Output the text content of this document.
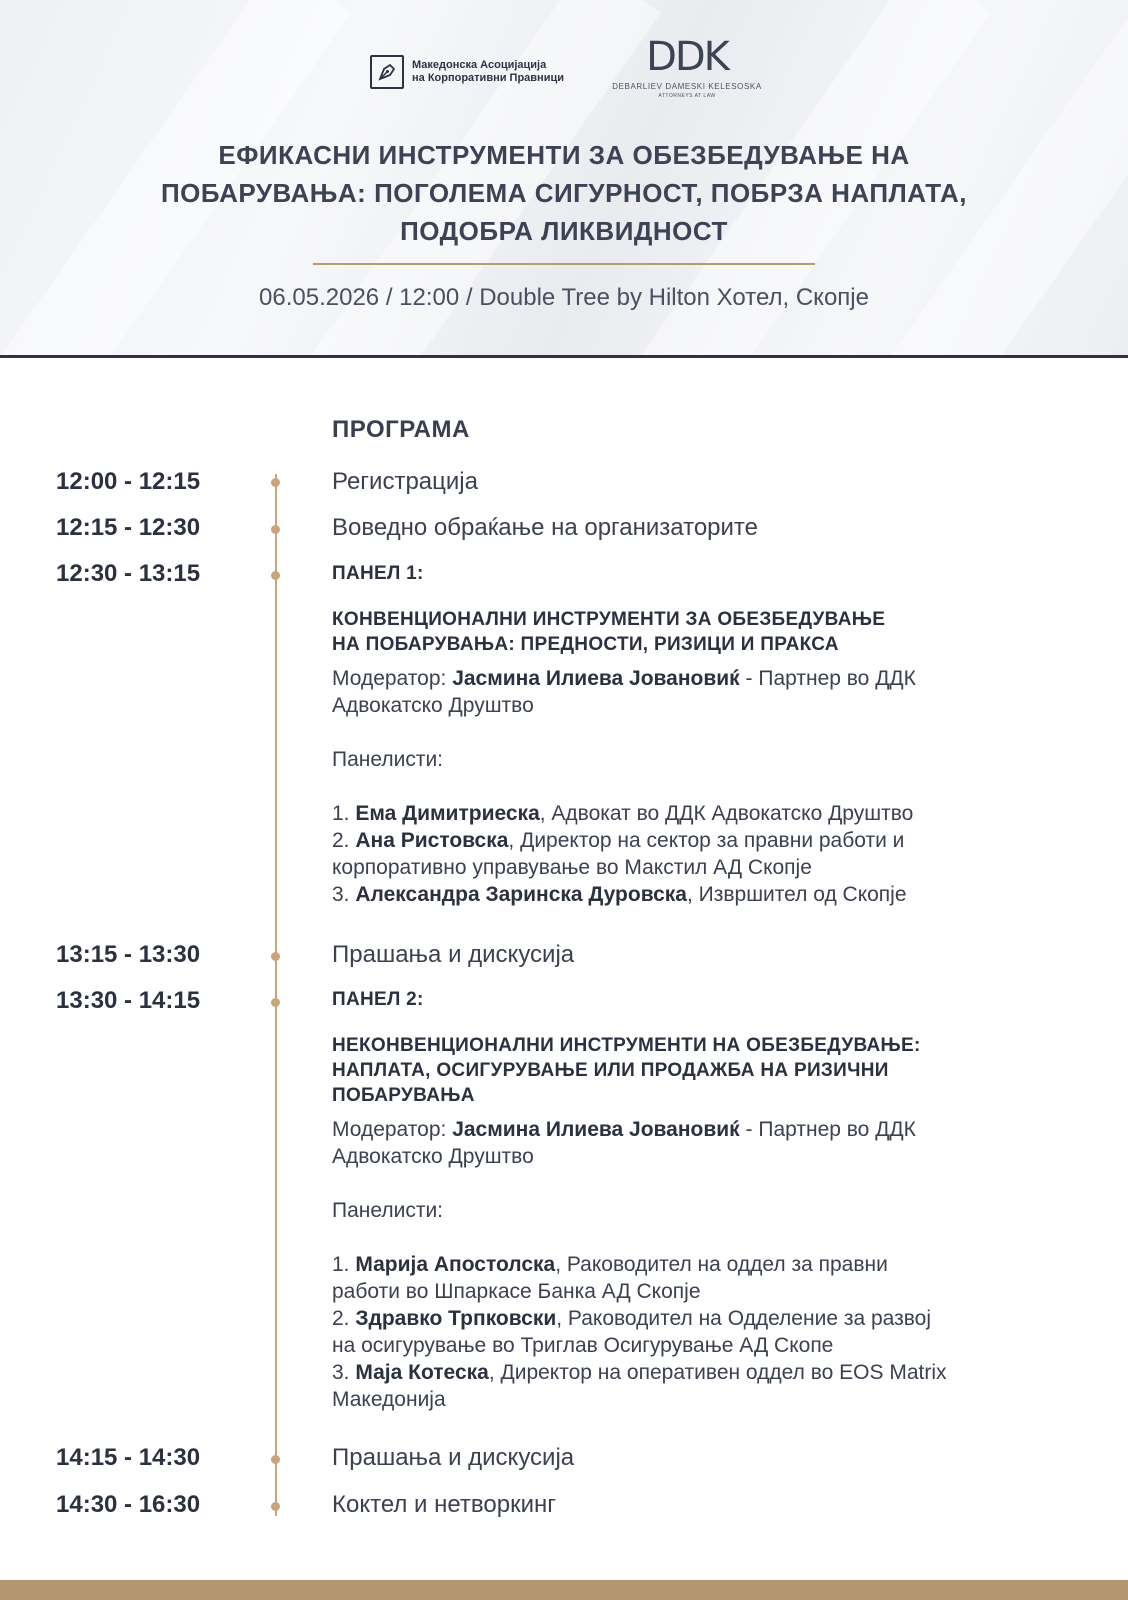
Македонска Асоцијација
на Корпоративни Правници	DDK
DEBARLIEV DAMESKI KELESOSKA
ATTORNEYS AT LAW
ЕФИКАСНИ ИНСТРУМЕНТИ ЗА ОБЕЗБЕДУВАЊЕ НА
ПОБАРУВАЊА: ПОГОЛЕМА СИГУРНОСТ, ПОБРЗА НАПЛАТА,
ПОДОБРА ЛИКВИДНОСТ
06.05.2026 / 12:00 / Double Tree by Hilton Хотел, Скопје
ПРОГРАМА
12:00 - 12:15	Регистрација
12:15 - 12:30	Воведно обраќање на организаторите
12:30 - 13:15	ПАНЕЛ 1:
КОНВЕНЦИОНАЛНИ ИНСТРУМЕНТИ ЗА ОБЕЗБЕДУВАЊЕ
НА ПОБАРУВАЊА: ПРЕДНОСТИ, РИЗИЦИ И ПРАКСА
Модератор: Јасмина Илиева Јовановиќ - Партнер во ДДК
Адвокатско Друштво
Панелисти:
1. Ема Димитриеска, Адвокат во ДДК Адвокатско Друштво
2. Ана Ристовска, Директор на сектор за правни работи и
корпоративно управување во Макстил АД Скопје
3. Александра Заринска Дуровска, Извршител од Скопје
13:15 - 13:30	Прашања и дискусија
13:30 - 14:15	ПАНЕЛ 2:
НЕКОНВЕНЦИОНАЛНИ ИНСТРУМЕНТИ НА ОБЕЗБЕДУВАЊЕ:
НАПЛАТА, ОСИГУРУВАЊЕ ИЛИ ПРОДАЖБА НА РИЗИЧНИ
ПОБАРУВАЊА
Модератор: Јасмина Илиева Јовановиќ - Партнер во ДДК
Адвокатско Друштво
Панелисти:
1. Марија Апостолска, Раководител на оддел за правни
работи во Шпаркасе Банка АД Скопје
2. Здравко Трпковски, Раководител на Одделение за развој
на осигурување во Триглав Осигурување АД Скопе
3. Маја Котеска, Директор на оперативен оддел во EOS Matrix
Македонија
14:15 - 14:30	Прашања и дискусија
14:30 - 16:30	Коктел и нетворкинг
